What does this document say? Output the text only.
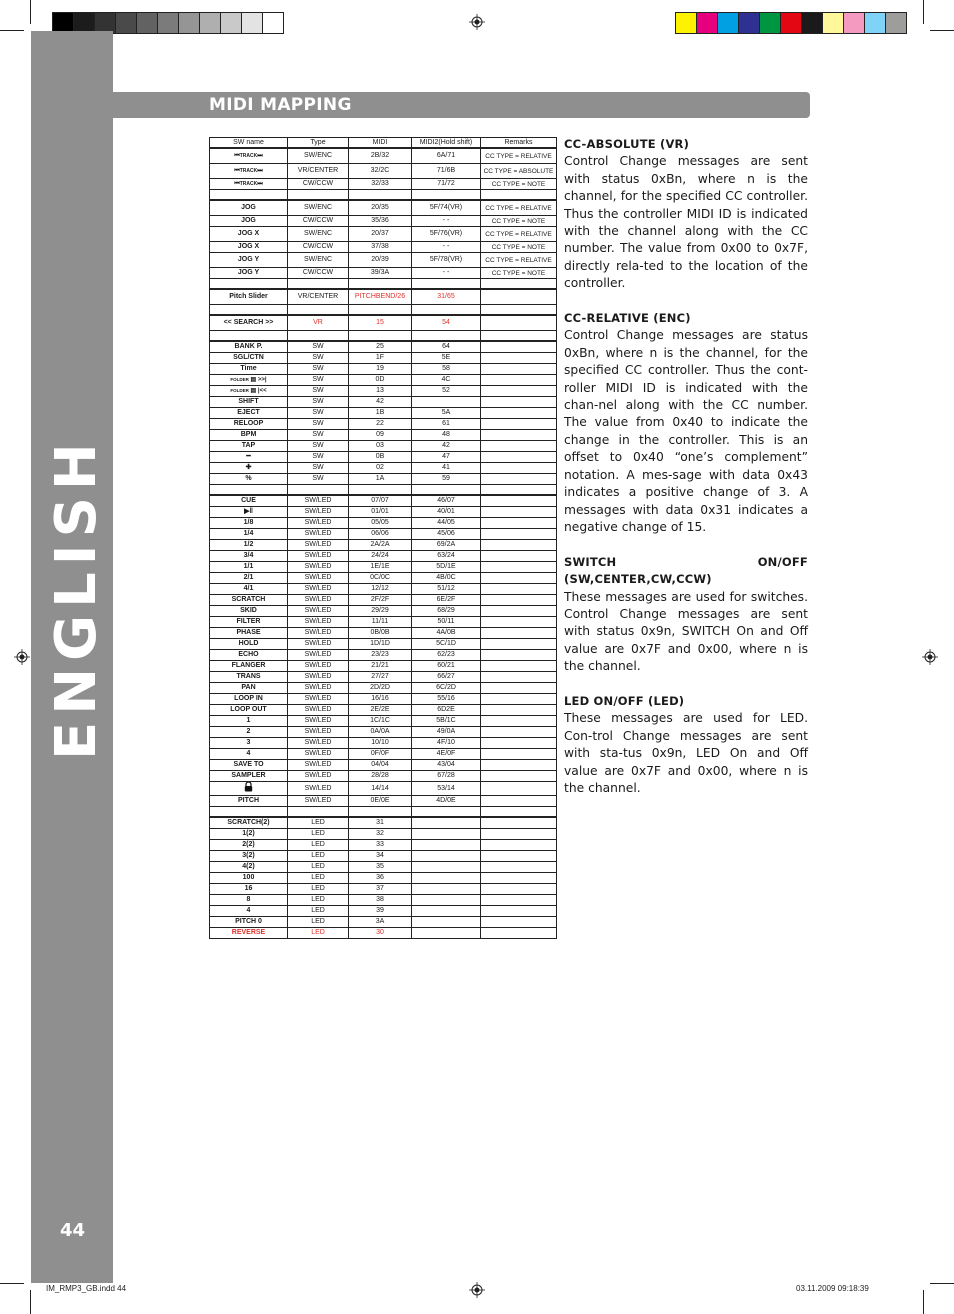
ENGLISH
44
MIDI MAPPING
SW name	Type	MIDI	MIDI2(Hold shift)	Remarks
⏮TRACK⏭	SW/ENC	2B/32	6A/71	CC TYPE = RELATIVE
⏮TRACK⏭	VR/CENTER	32/2C	71/6B	CC TYPE = ABSOLUTE
⏮TRACK⏭	CW/CCW	32/33	71/72	CC TYPE = NOTE

JOG	SW/ENC	20/35	5F/74(VR)	CC TYPE = RELATIVE
JOG	CW/CCW	35/36	- -	CC TYPE = NOTE
JOG X	SW/ENC	20/37	5F/76(VR)	CC TYPE = RELATIVE
JOG X	CW/CCW	37/38	- -	CC TYPE = NOTE
JOG Y	SW/ENC	20/39	5F/78(VR)	CC TYPE = RELATIVE
JOG Y	CW/CCW	39/3A	- -	CC TYPE = NOTE

Pitch Slider	VR/CENTER	PITCHBEND/26	31/65	

<< SEARCH >>	VR	15	54	

BANK P.	SW	25	64	
SGL/CTN	SW	1F	5E	
Time	SW	19	58	
FOLDER ▤ >>|	SW	0D	4C	
FOLDER ▤ |<<	SW	13	52	
SHIFT	SW	42		
EJECT	SW	1B	5A	
RELOOP	SW	22	61	
BPM	SW	09	48	
TAP	SW	03	42	
━	SW	0B	47	
✚	SW	02	41	
%	SW	1A	59	

CUE	SW/LED	07/07	46/07	
▶‖	SW/LED	01/01	40/01	
1/8	SW/LED	05/05	44/05	
1/4	SW/LED	06/06	45/06	
1/2	SW/LED	2A/2A	69/2A	
3/4	SW/LED	24/24	63/24	
1/1	SW/LED	1E/1E	5D/1E	
2/1	SW/LED	0C/0C	4B/0C	
4/1	SW/LED	12/12	51/12	
SCRATCH	SW/LED	2F/2F	6E/2F	
SKID	SW/LED	29/29	68/29	
FILTER	SW/LED	11/11	50/11	
PHASE	SW/LED	0B/0B	4A/0B	
HOLD	SW/LED	1D/1D	5C/1D	
ECHO	SW/LED	23/23	62/23	
FLANGER	SW/LED	21/21	60/21	
TRANS	SW/LED	27/27	66/27	
PAN	SW/LED	2D/2D	6C/2D	
LOOP IN	SW/LED	16/16	55/16	
LOOP OUT	SW/LED	2E/2E	6D2E	
1	SW/LED	1C/1C	5B/1C	
2	SW/LED	0A/0A	49/0A	
3	SW/LED	10/10	4F/10	
4	SW/LED	0F/0F	4E/0F	
SAVE TO	SW/LED	04/04	43/04	
SAMPLER	SW/LED	28/28	67/28	
	SW/LED	14/14	53/14	
PITCH	SW/LED	0E/0E	4D/0E	

SCRATCH(2)	LED	31		
1(2)	LED	32		
2(2)	LED	33		
3(2)	LED	34		
4(2)	LED	35		
100	LED	36		
16	LED	37		
8	LED	38		
4	LED	39		
PITCH 0	LED	3A		
REVERSE	LED	30		
CC-ABSOLUTE (VR)

Control Change messages are sent with status 0xBn, where n is the channel, for the specified CC controller. Thus the controller MIDI ID is indicated with the channel along with the CC number. The value from 0x00 to 0x7F, directly rela-ted to the location of the controller.

CC-RELATIVE (ENC)

Control Change messages are status 0xBn, where n is the channel, for the specified CC controller. Thus the cont-roller MIDI ID is indicated with the chan-nel along with the CC number. The value from 0x40 to indicate the change in the controller. This is an offset to 0x40 “one’s complement” notation. A mes-sage with data 0x43 indicates a positive change of 3. A messages with data 0x31 indicates a negative change of 15.

SWITCH ON/OFF (SW,CENTER,CW,CCW)

These messages are used for switches. Control Change messages are sent with status 0x9n, SWITCH On and Off value are 0x7F and 0x00, where n is the channel.

LED ON/OFF (LED)

These messages are used for LED. Con-trol Change messages are sent with sta-tus 0x9n, LED On and Off value are 0x7F and 0x00, where n is the channel.

IM_RMP3_GB.indd 44	03.11.2009 09:18:39
